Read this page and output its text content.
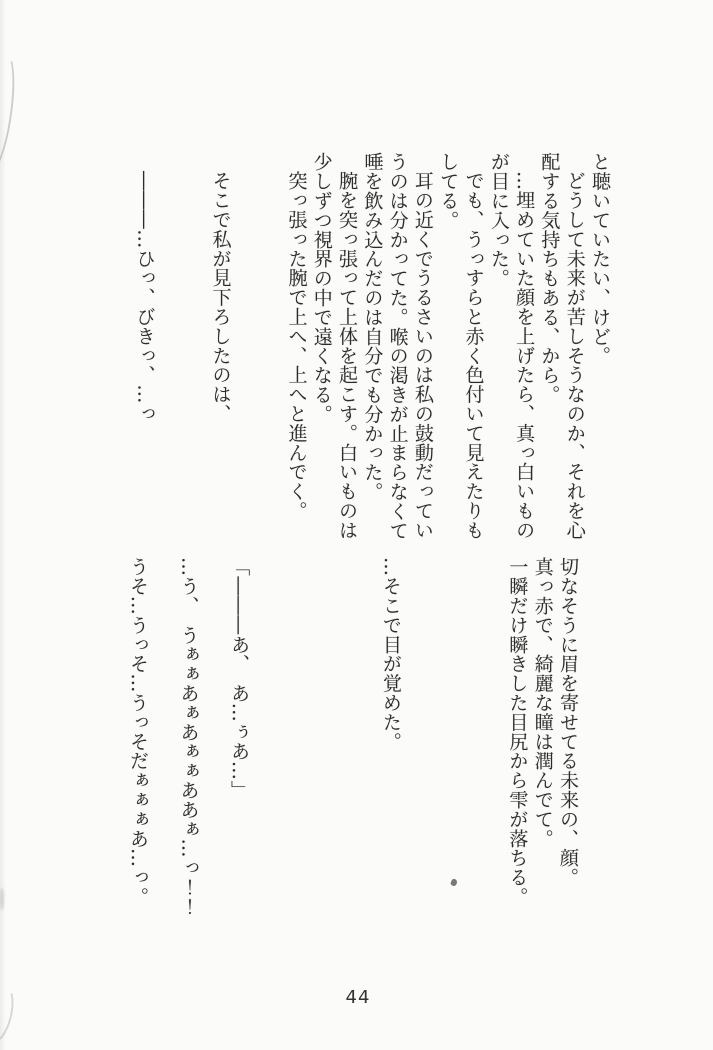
と聴いていたい、けど。
どうして未来が苦しそうなのか、それを心
配する気持ちもある、から。
…埋めていた顔を上げたら、真っ白いもの
が目に入った。
でも、うっすらと赤く色付いて見えたりも
してる。
耳の近くでうるさいのは私の鼓動だってい
うのは分かってた。喉の渇きが止まらなくて
唾を飲み込んだのは自分でも分かった。
腕を突っ張って上体を起こす。白いものは
少しずつ視界の中で遠くなる。
突っ張った腕で上へ、上へと進んでく。
そこで私が見下ろしたのは、
―――…ひっ、びきっ、…っ
切なそうに眉を寄せてる未来の、顔。
真っ赤で、綺麗な瞳は潤んでて。
一瞬だけ瞬きした目尻から雫が落ちる。
…そこで目が覚めた。
「―――あ、　あ…ぅあ…」
…う、　うぁぁあぁあぁぁああぁ…っ！！
うそ…うっそ…うっそだぁぁぁあ…っ。
44
